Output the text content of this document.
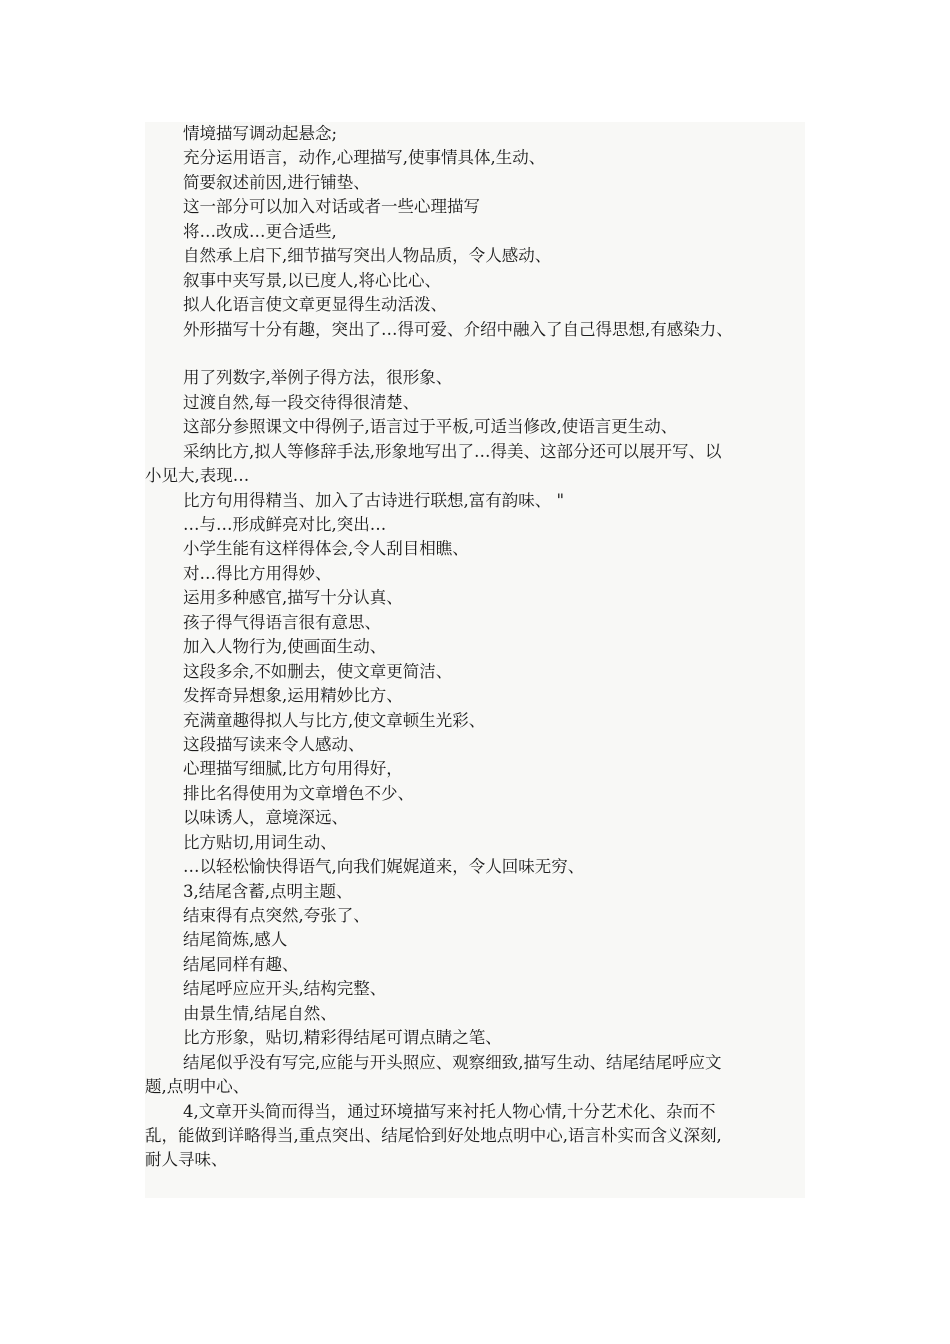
情境描写调动起悬念;
充分运用语言，动作,心理描写,使事情具体,生动、
简要叙述前因,进行铺垫、
这一部分可以加入对话或者一些心理描写
将…改成…更合适些,
自然承上启下,细节描写突出人物品质，令人感动、
叙事中夹写景,以已度人,将心比心、
拟人化语言使文章更显得生动活泼、
外形描写十分有趣，突出了…得可爱、介绍中融入了自己得思想,有感染力、
用了列数字,举例子得方法，很形象、
过渡自然,每一段交待得很清楚、
这部分参照课文中得例子,语言过于平板,可适当修改,使语言更生动、
采纳比方,拟人等修辞手法,形象地写出了…得美、这部分还可以展开写、以
小见大,表现…
比方句用得精当、加入了古诗进行联想,富有韵味、 "
…与…形成鲜亮对比,突出…
小学生能有这样得体会,令人刮目相瞧、
对…得比方用得妙、
运用多种感官,描写十分认真、
孩子得气得语言很有意思、
加入人物行为,使画面生动、
这段多余,不如删去，使文章更简洁、
发挥奇异想象,运用精妙比方、
充满童趣得拟人与比方,使文章顿生光彩、
这段描写读来令人感动、
心理描写细腻,比方句用得好，
排比名得使用为文章增色不少、
以味诱人，意境深远、
比方贴切,用词生动、
…以轻松愉快得语气,向我们娓娓道来，令人回味无穷、
3,结尾含蓄,点明主题、
结束得有点突然,夸张了、
结尾简炼,感人
结尾同样有趣、
结尾呼应应开头,结构完整、
由景生情,结尾自然、
比方形象，贴切,精彩得结尾可谓点睛之笔、
结尾似乎没有写完,应能与开头照应、观察细致,描写生动、结尾结尾呼应文
题,点明中心、
4,文章开头简而得当，通过环境描写来衬托人物心情,十分艺术化、杂而不
乱，能做到详略得当,重点突出、结尾恰到好处地点明中心,语言朴实而含义深刻,
耐人寻味、
